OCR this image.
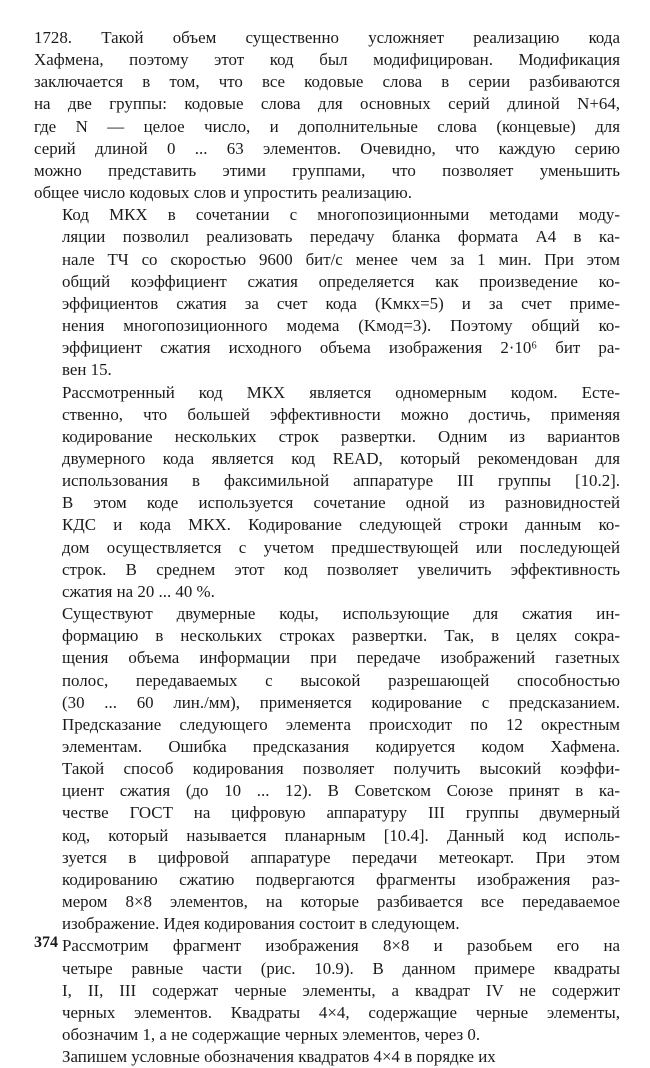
1728. Такой объем существенно усложняет реализацию кода
Хафмена, поэтому этот код был модифицирован. Модификация
заключается в том, что все кодовые слова в серии разбиваются
на две группы: кодовые слова для основных серий длиной N+64,
где N — целое число, и дополнительные слова (концевые) для
серий длиной 0 ... 63 элементов. Очевидно, что каждую серию
можно представить этими группами, что позволяет уменьшить
общее число кодовых слов и упростить реализацию.

Код МКХ в сочетании с многопозиционными методами моду-
ляции позволил реализовать передачу бланка формата А4 в ка-
нале ТЧ со скоростью 9600 бит/с менее чем за 1 мин. При этом
общий коэффициент сжатия определяется как произведение ко-
эффициентов сжатия за счет кода (Kмкх=5) и за счет приме-
нения многопозиционного модема (Kмод=3). Поэтому общий ко-
эффициент сжатия исходного объема изображения 2·10⁶ бит ра-
вен 15.

Рассмотренный код МКХ является одномерным кодом. Есте-
ственно, что большей эффективности можно достичь, применяя
кодирование нескольких строк развертки. Одним из вариантов
двумерного кода является код READ, который рекомендован для
использования в факсимильной аппаратуре III группы [10.2].
В этом коде используется сочетание одной из разновидностей
КДС и кода МКХ. Кодирование следующей строки данным ко-
дом осуществляется с учетом предшествующей или последующей
строк. В среднем этот код позволяет увеличить эффективность
сжатия на 20 ... 40 %.

Существуют двумерные коды, использующие для сжатия ин-
формацию в нескольких строках развертки. Так, в целях сокра-
щения объема информации при передаче изображений газетных
полос, передаваемых с высокой разрешающей способностью
(30 ... 60 лин./мм), применяется кодирование с предсказанием.
Предсказание следующего элемента происходит по 12 окрестным
элементам. Ошибка предсказания кодируется кодом Хафмена.
Такой способ кодирования позволяет получить высокий коэффи-
циент сжатия (до 10 ... 12). В Советском Союзе принят в ка-
честве ГОСТ на цифровую аппаратуру III группы двумерный
код, который называется планарным [10.4]. Данный код исполь-
зуется в цифровой аппаратуре передачи метеокарт. При этом
кодированию сжатию подвергаются фрагменты изображения раз-
мером 8×8 элементов, на которые разбивается все передаваемое
изображение. Идея кодирования состоит в следующем.

Рассмотрим фрагмент изображения 8×8 и разобьем его на
четыре равные части (рис. 10.9). В данном примере квадраты
I, II, III содержат черные элементы, а квадрат IV не содержит
черных элементов. Квадраты 4×4, содержащие черные элементы,
обозначим 1, а не содержащие черных элементов, через 0.

Запишем условные обозначения квадратов 4×4 в порядке их

374
